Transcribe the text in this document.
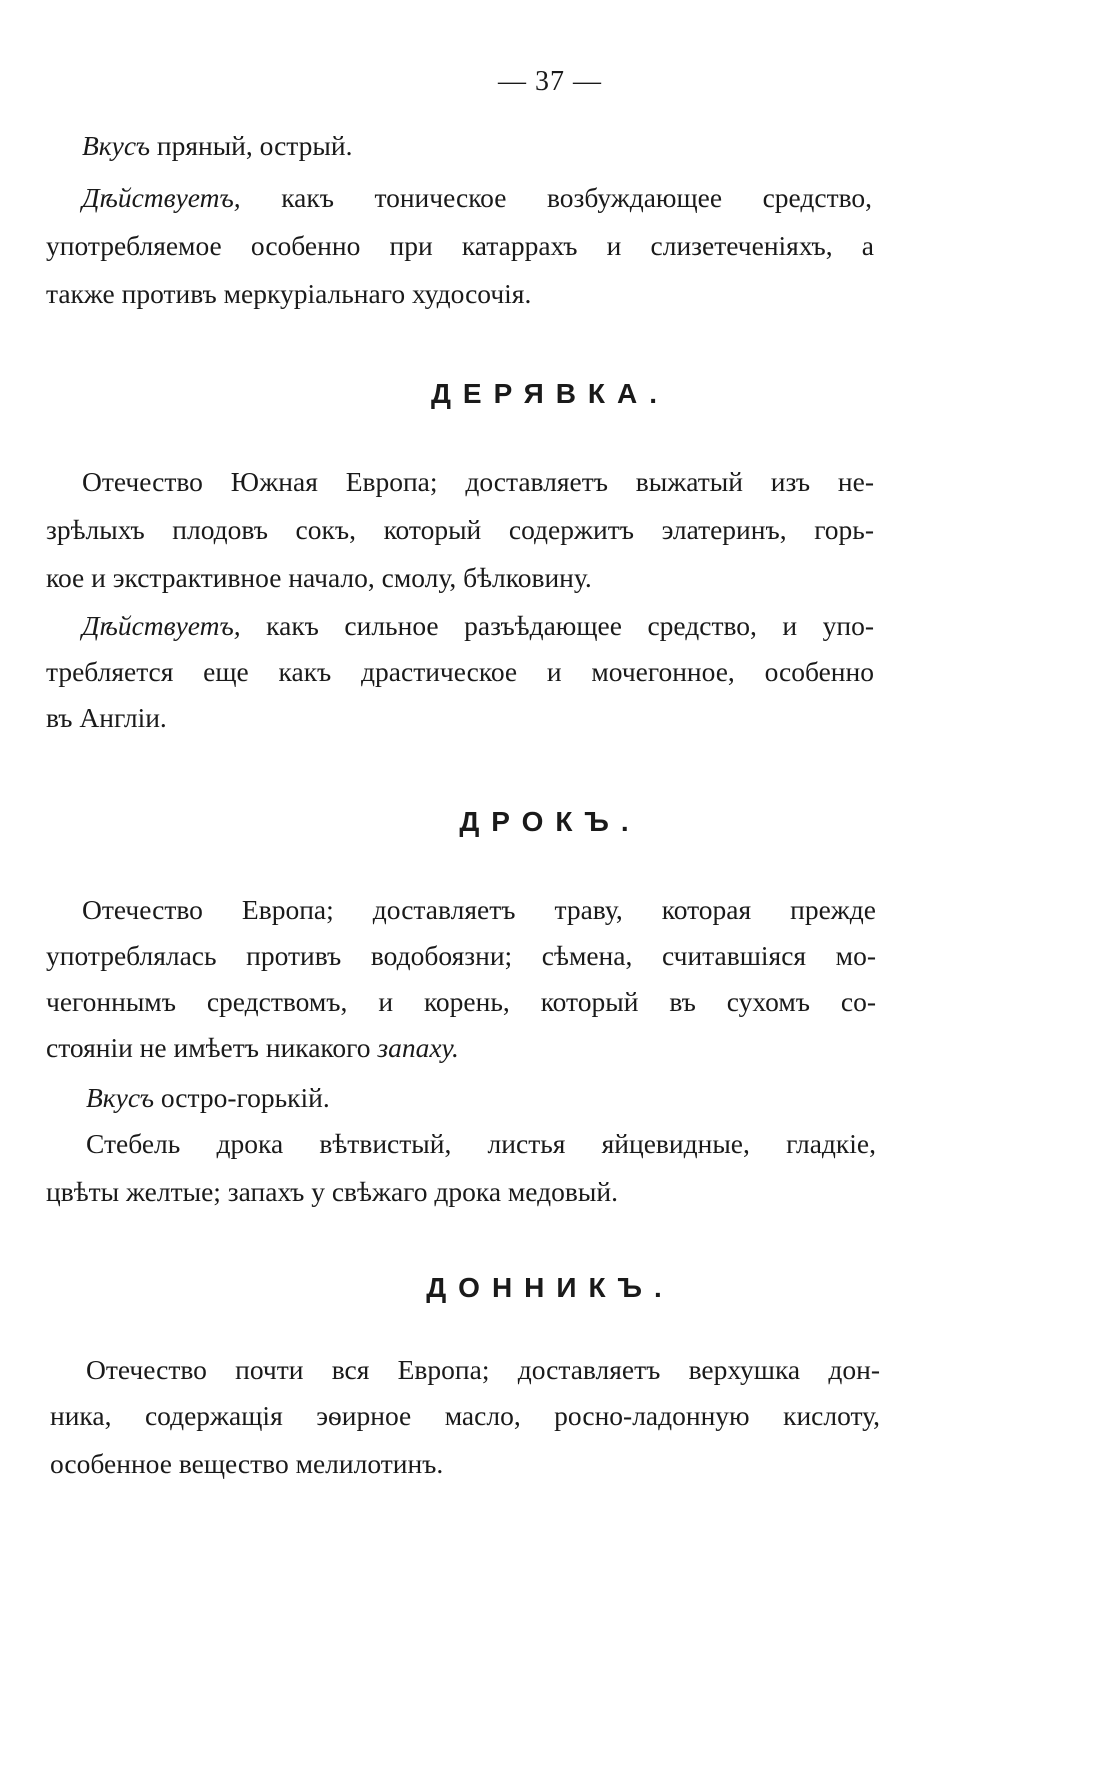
— 37 —
Вкусъ пряный, острый.
Дѣйствуетъ, какъ тоническое возбуждающее средство,
употребляемое особенно при катаррахъ и слизетеченіяхъ, а
также противъ меркуріальнаго худосочія.
ДЕРЯВКА.
Отечество Южная Европа; доставляетъ выжатый изъ не-
зрѣлыхъ плодовъ сокъ, который содержитъ элатеринъ, горь-
кое и экстрактивное начало, смолу, бѣлковину.
Дѣйствуетъ, какъ сильное разъѣдающее средство, и упо-
требляется еще какъ драстическое и мочегонное, особенно
въ Англіи.
ДРОКЪ.
Отечество Европа; доставляетъ траву, которая прежде
употреблялась противъ водобоязни; сѣмена, считавшіяся мо-
чегоннымъ средствомъ, и корень, который въ сухомъ со-
стояніи не имѣетъ никакого запаху.
Вкусъ остро-горькій.
Стебель дрока вѣтвистый, листья яйцевидные, гладкіе,
цвѣты желтые; запахъ у свѣжаго дрока медовый.
ДОННИКЪ.
Отечество почти вся Европа; доставляетъ верхушка дон-
ника, содержащія эѳирное масло, росно-ладонную кислоту,
особенное вещество мелилотинъ.
